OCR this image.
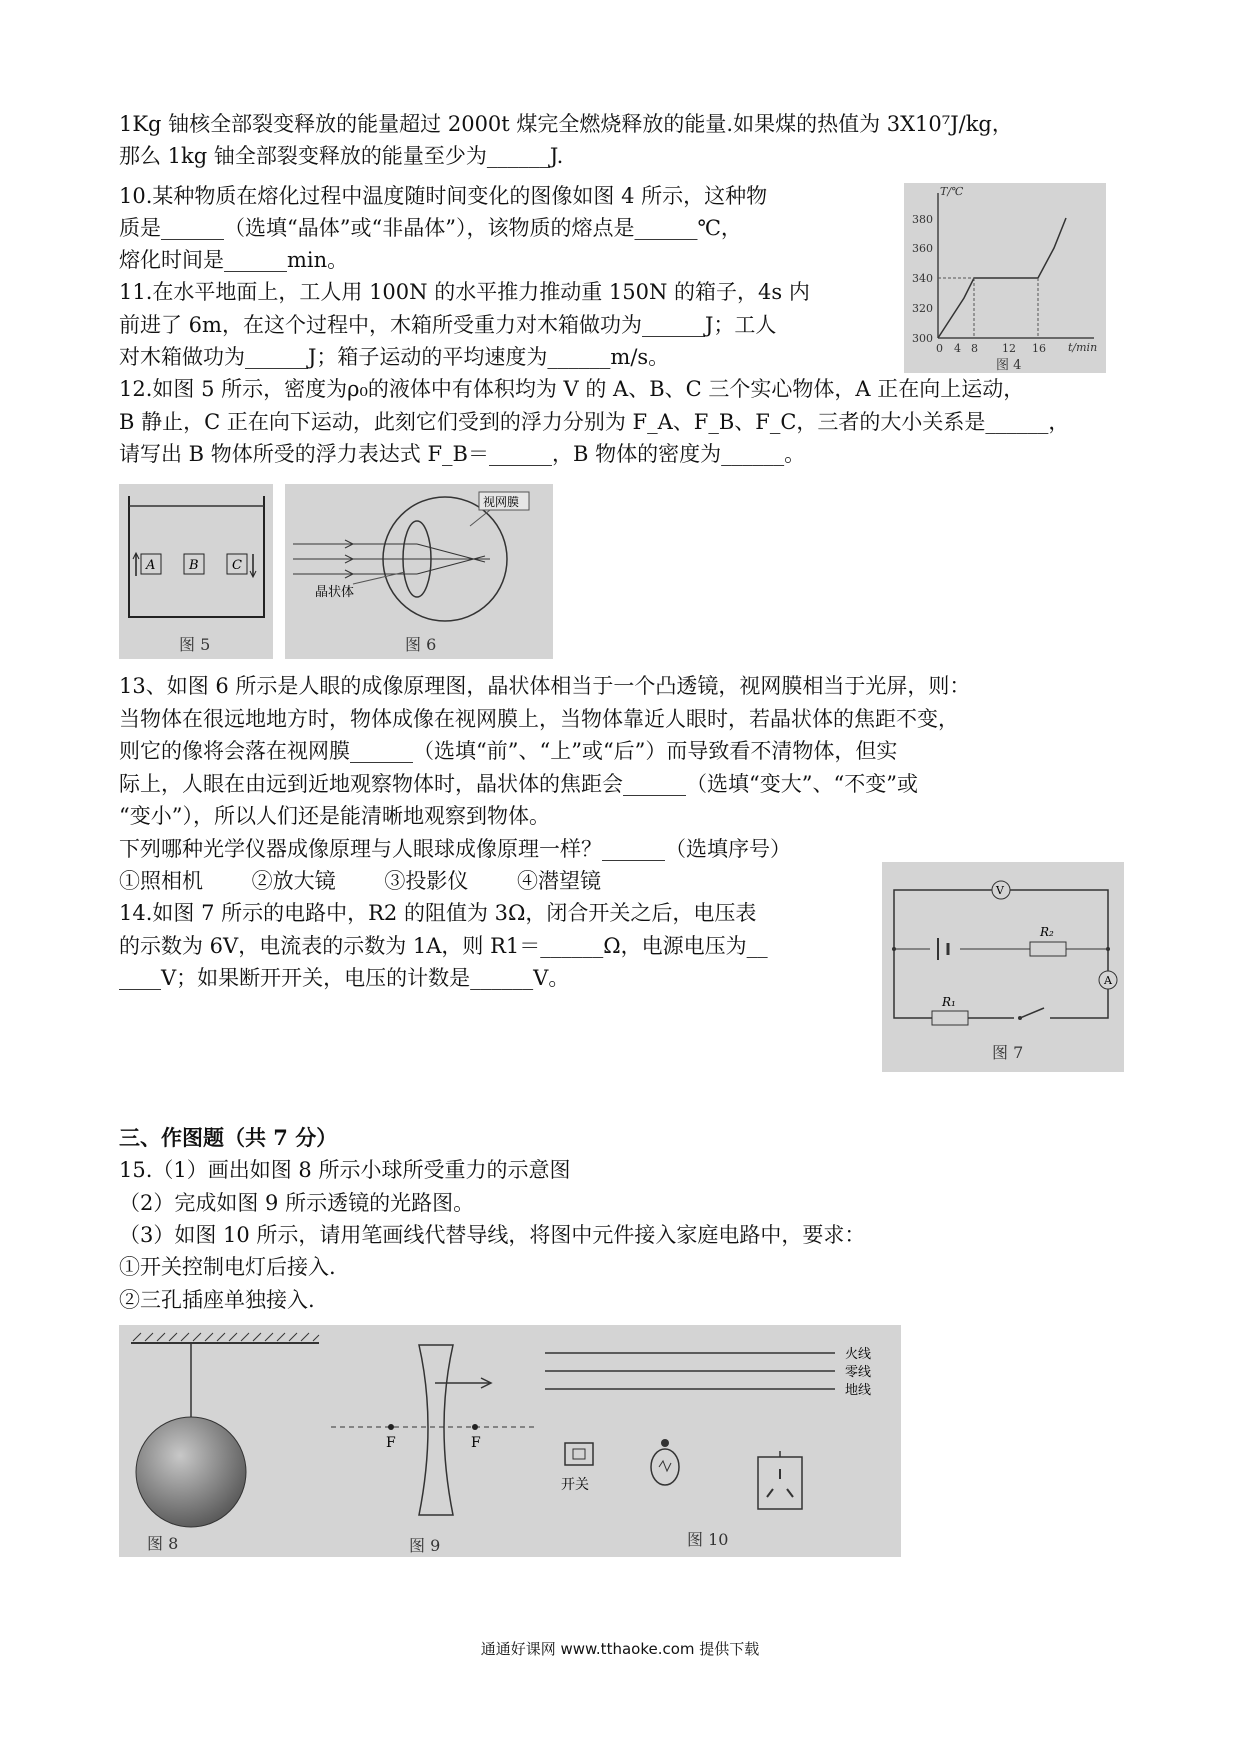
1Kg 铀核全部裂变释放的能量超过 2000t 煤完全燃烧释放的能量.如果煤的热值为 3X10⁷J/kg，
那么 1kg 铀全部裂变释放的能量至少为______J.
10.某种物质在熔化过程中温度随时间变化的图像如图 4 所示，这种物
质是______（选填“晶体”或“非晶体”），该物质的熔点是______℃，
熔化时间是______min。
11.在水平地面上，工人用 100N 的水平推力推动重 150N 的箱子，4s 内
前进了 6m，在这个过程中，木箱所受重力对木箱做功为______J；工人
对木箱做功为______J；箱子运动的平均速度为______m/s。
12.如图 5 所示，密度为ρ₀的液体中有体积均为 V 的 A、B、C 三个实心物体，A 正在向上运动，
B 静止，C 正在向下运动，此刻它们受到的浮力分别为 F_A、F_B、F_C，三者的大小关系是______，
请写出 B 物体所受的浮力表达式 F_B＝______，B 物体的密度为______。
T/℃
t/min
300
320
340
360
380
0 4 8 12 16
图 4
A	B	C
图 5
视网膜
晶状体
图 6
13、如图 6 所示是人眼的成像原理图，晶状体相当于一个凸透镜，视网膜相当于光屏，则：
当物体在很远地地方时，物体成像在视网膜上，当物体靠近人眼时，若晶状体的焦距不变，
则它的像将会落在视网膜______（选填“前”、“上”或“后”）而导致看不清物体，但实
际上，人眼在由远到近地观察物体时，晶状体的焦距会______（选填“变大”、“不变”或
“变小”），所以人们还是能清晰地观察到物体。
下列哪种光学仪器成像原理与人眼球成像原理一样？______（选填序号）
①照相机　　 ②放大镜　　 ③投影仪　　 ④潜望镜
14.如图 7 所示的电路中，R2 的阻值为 3Ω，闭合开关之后，电压表
的示数为 6V，电流表的示数为 1A，则 R1＝______Ω，电源电压为__
____V；如果断开开关，电压的计数是______V。
V
R₂
A
R₁
图 7
三、作图题（共 7 分）
15.（1）画出如图 8 所示小球所受重力的示意图
（2）完成如图 9 所示透镜的光路图。
（3）如图 10 所示，请用笔画线代替导线，将图中元件接入家庭电路中，要求：
①开关控制电灯后接入.
②三孔插座单独接入.
图 8
F	F
图 9
火线
零线
地线
开关
图 10
通通好课网 www.tthaoke.com 提供下载
